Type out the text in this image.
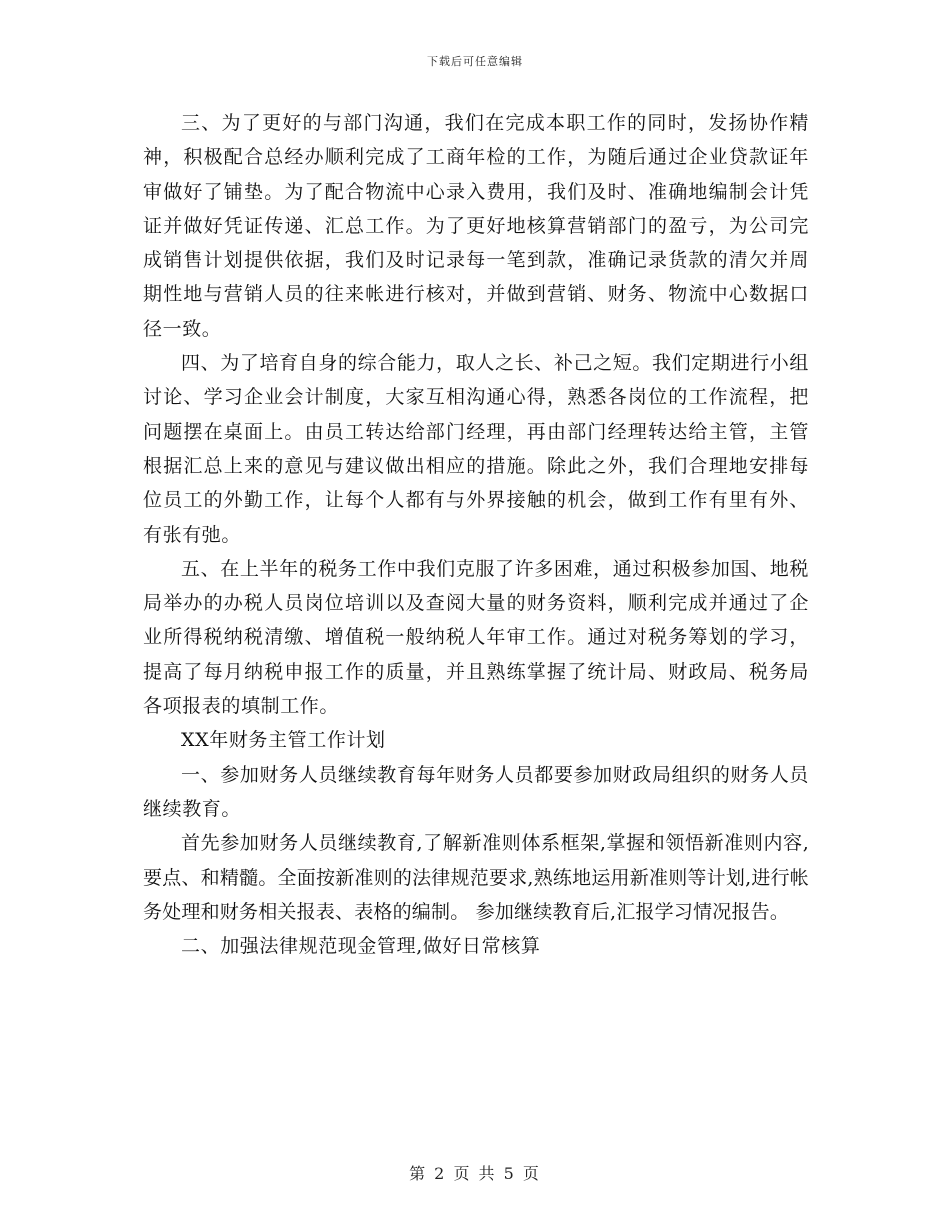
下载后可任意编辑

三、为了更好的与部门沟通，我们在完成本职工作的同时，发扬协作精神，积极配合总经办顺利完成了工商年检的工作，为随后通过企业贷款证年审做好了铺垫。为了配合物流中心录入费用，我们及时、准确地编制会计凭证并做好凭证传递、汇总工作。为了更好地核算营销部门的盈亏，为公司完成销售计划提供依据，我们及时记录每一笔到款，准确记录货款的清欠并周期性地与营销人员的往来帐进行核对，并做到营销、财务、物流中心数据口径一致。

四、为了培育自身的综合能力，取人之长、补己之短。我们定期进行小组讨论、学习企业会计制度，大家互相沟通心得，熟悉各岗位的工作流程，把问题摆在桌面上。由员工转达给部门经理，再由部门经理转达给主管，主管根据汇总上来的意见与建议做出相应的措施。除此之外，我们合理地安排每位员工的外勤工作，让每个人都有与外界接触的机会，做到工作有里有外、有张有弛。

五、在上半年的税务工作中我们克服了许多困难，通过积极参加国、地税局举办的办税人员岗位培训以及查阅大量的财务资料，顺利完成并通过了企业所得税纳税清缴、增值税一般纳税人年审工作。通过对税务筹划的学习，提高了每月纳税申报工作的质量，并且熟练掌握了统计局、财政局、税务局各项报表的填制工作。

XX年财务主管工作计划

一、参加财务人员继续教育每年财务人员都要参加财政局组织的财务人员继续教育。

首先参加财务人员继续教育,了解新准则体系框架,掌握和领悟新准则内容,要点、和精髓。全面按新准则的法律规范要求,熟练地运用新准则等计划,进行帐务处理和财务相关报表、表格的编制。 参加继续教育后,汇报学习情况报告。

二、加强法律规范现金管理,做好日常核算

第 2 页 共 5 页
